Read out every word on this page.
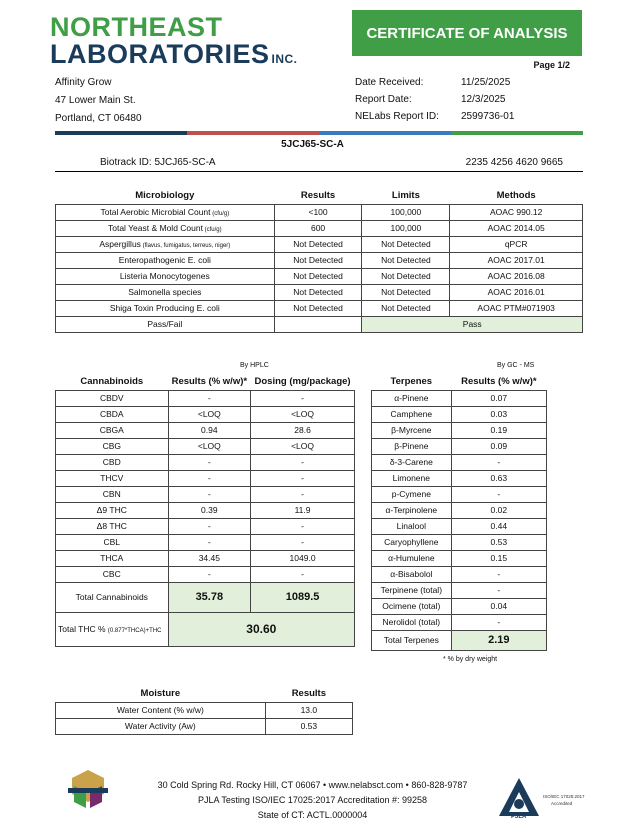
NORTHEAST
LABORATORIES INC.
CERTIFICATE OF ANALYSIS
Page 1/2
Affinity Grow
47 Lower Main St.
Portland, CT 06480
Date Received:	11/25/2025
Report Date:	12/3/2025
NELabs Report ID:	2599736-01
5JCJ65-SC-A
Biotrack ID: 5JCJ65-SC-A	2235 4256 4620 9665
Microbiology	Results	Limits	Methods
Total Aerobic Microbial Count (cfu/g)	<100	100,000	AOAC 990.12
Total Yeast & Mold Count (cfu/g)	600	100,000	AOAC 2014.05
Aspergillus (flavus, fumigatus, terreus, niger)	Not Detected	Not Detected	qPCR
Enteropathogenic E. coli	Not Detected	Not Detected	AOAC 2017.01
Listeria Monocytogenes	Not Detected	Not Detected	AOAC 2016.08
Salmonella species	Not Detected	Not Detected	AOAC 2016.01
Shiga Toxin Producing E. coli	Not Detected	Not Detected	AOAC PTM#071903
Pass/Fail		Pass	
By HPLC	By GC - MS
Cannabinoids	Results (% w/w)*	Dosing (mg/package)
CBDV	-	-
CBDA	<LOQ	<LOQ
CBGA	0.94	28.6
CBG	<LOQ	<LOQ
CBD	-	-
THCV	-	-
CBN	-	-
Δ9 THC	0.39	11.9
Δ8 THC	-	-
CBL	-	-
THCA	34.45	1049.0
CBC	-	-
Total Cannabinoids	35.78	1089.5
Total THC % (0.877*THCA)+THC	30.60	
Terpenes	Results (% w/w)*
α-Pinene	0.07
Camphene	0.03
β-Myrcene	0.19
β-Pinene	0.09
δ-3-Carene	-
Limonene	0.63
p-Cymene	-
α-Terpinolene	0.02
Linalool	0.44
Caryophyllene	0.53
α-Humulene	0.15
α-Bisabolol	-
Terpinene (total)	-
Ocimene (total)	0.04
Nerolidol (total)	-
Total Terpenes	2.19
* % by dry weight
Moisture	Results
Water Content (% w/w)	13.0
Water Activity (Aw)	0.53
30 Cold Spring Rd. Rocky Hill, CT 06067 • www.nelabsct.com • 860-828-9787
PJLA Testing ISO/IEC 17025:2017 Accreditation #: 99258
State of CT: ACTL.0000004	PJLA
ISO/IEC 17025:2017
Accredited
